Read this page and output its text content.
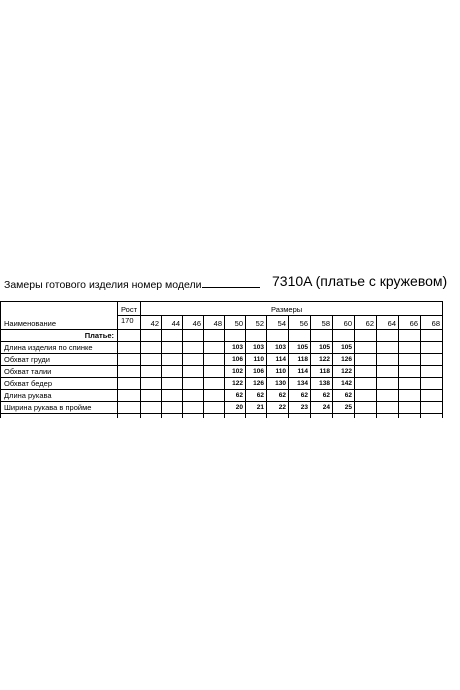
Замеры готового изделия номер модели	7310A (платье с кружевом)
Наименование	Рост	Размеры													
	170	42	44	46	48	50	52	54	56	58	60	62	64	66	68
Платье:															
Длина изделия по спинке						103	103	103	105	105	105				
Обхват груди						106	110	114	118	122	126				
Обхват талии						102	106	110	114	118	122				
Обхват бедер						122	126	130	134	138	142				
Длина рукава						62	62	62	62	62	62				
Ширина рукава в пройме						20	21	22	23	24	25				
